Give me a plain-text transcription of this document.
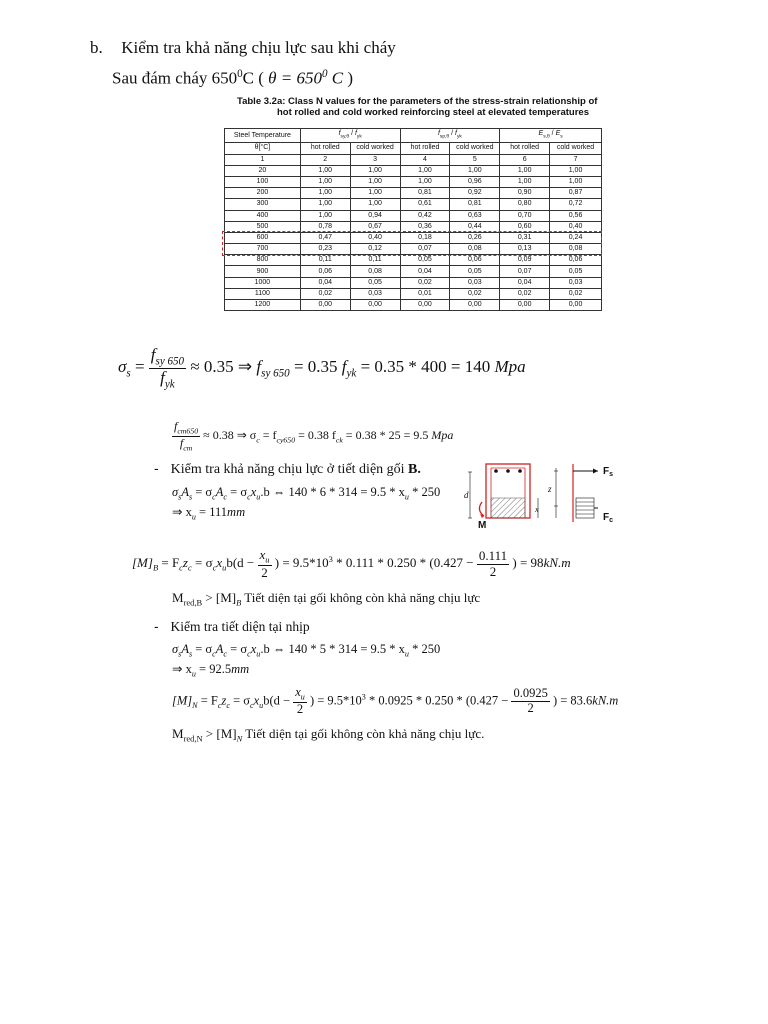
b. Kiểm tra khả năng chịu lực sau khi cháy
Sau đám cháy $650^0C$ ( $\theta = 650^0$ C )
Table 3.2a: Class N values for the parameters of the stress-strain relationship of
hot rolled and cold worked reinforcing steel at elevated temperatures
Steel Temperature	$f_{sy,\theta} / f_{yk}$		$f_{sp,\theta} / f_{yk}$		$E_{s,\theta} / E_s$
θ[°C]	hot rolled	cold worked	hot rolled	cold worked	hot rolled	cold worked
1	2	3	4	5	6	7
20	1,00	1,00	1,00	1,00	1,00	1,00
100	1,00	1,00	1,00	0,96	1,00	1,00
200	1,00	1,00	0,81	0,92	0,90	0,87
300	1,00	1,00	0,61	0,81	0,80	0,72
400	1,00	0,94	0,42	0,63	0,70	0,56
500	0,78	0,67	0,36	0,44	0,60	0,40
600	0,47	0,40	0,18	0,26	0,31	0,24
700	0,23	0,12	0,07	0,08	0,13	0,08
800	0,11	0,11	0,05	0,06	0,09	0,06
900	0,06	0,08	0,04	0,05	0,07	0,05
1000	0,04	0,05	0,02	0,03	0,04	0,03
1100	0,02	0,03	0,01	0,02	0,02	0,02
1200	0,00	0,00	0,00	0,00	0,00	0,00
$\sigma_s = \frac{f_{sy 650}}{f_{yk}} \approx 0.35$ ⇒ $f_{sy 650} = 0.35$ $f_{yk} = 0.35 * 400 = 140$ Mpa
$\frac{f_{cm650}}{f_{cm}} \approx 0.38$ ⇒ $\sigma_c = f_{cy650} = 0.38$ $f_{ck} = 0.38 * 25 = 9.5$ Mpa
- Kiểm tra khả năng chịu lực ở tiết diện gối B.
$\sigma_sA_s = \sigma_cA_c = \sigma_cx_u.b$ ⇔ $140 * 6 * 314 = 9.5 * x_u * 250$
⇒ $x_u = 111mm$
d
M
z
x
$F_s$
$F_c$
$[M]_B = F_cz_c = \sigma_cx_ub(d - \frac{x_u}{2}$ ) = $9.5*10^3 * 0.111 * 0.250 * (0.427 - \frac{0.111}{2}$ ) = 98kN.m
$M_{red,B} > [M]_B$ Tiết diện tại gối không còn khả năng chịu lực
- Kiểm tra tiết diện tại nhịp
$\sigma_sA_s = \sigma_cA_c = \sigma_cx_u.b$ ⇔ $140 * 5 * 314 = 9.5 * x_u * 250$
⇒ $x_u = 92.5mm$
$[M]_N = F_cz_c = \sigma_cx_ub(d - \frac{x_u}{2}$ ) = $9.5*10^3 * 0.0925 * 0.250 * (0.427 - \frac{0.0925}{2}$ ) = 83.6kN.m
$M_{red,N} > [M]_N$ Tiết diện tại gối không còn khả năng chịu lực.
